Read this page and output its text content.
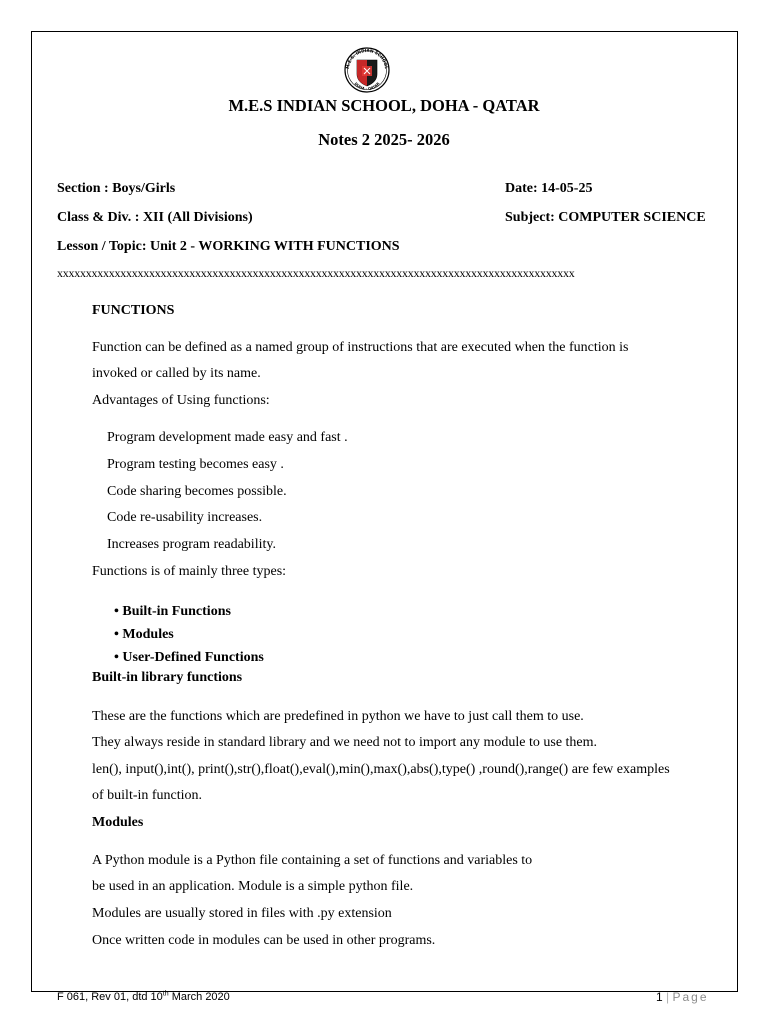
M.E.S. INDIAN SCHOOL
DOHA - QATAR
M.E.S INDIAN SCHOOL, DOHA - QATAR
Notes 2 2025- 2026
Section : Boys/Girls	Date: 14-05-25
Class & Div. : XII (All Divisions)	Subject: COMPUTER SCIENCE
Lesson / Topic: Unit 2 - WORKING WITH FUNCTIONS
xxxxxxxxxxxxxxxxxxxxxxxxxxxxxxxxxxxxxxxxxxxxxxxxxxxxxxxxxxxxxxxxxxxxxxxxxxxxxxxxxxxxxxxxxx
FUNCTIONS
Function can be defined as a named group of instructions that are executed when the function is
invoked or called by its name.
Advantages of Using functions:
Program development made easy and fast .
Program testing becomes easy .
Code sharing becomes possible.
Code re-usability increases.
Increases program readability.
Functions is of mainly three types:
• Built-in Functions
• Modules
• User-Defined Functions
Built-in library functions
These are the functions which are predefined in python we have to just call them to use.
They always reside in standard library and we need not to import any module to use them.
len(), input(),int(), print(),str(),float(),eval(),min(),max(),abs(),type() ,round(),range() are few examples
of built-in function.
Modules
A Python module is a Python file containing a set of functions and variables to
be used in an application. Module is a simple python file.
Modules are usually stored in files with .py extension
Once written code in modules can be used in other programs.
F 061, Rev 01, dtd 10th March 2020	1 | Page
